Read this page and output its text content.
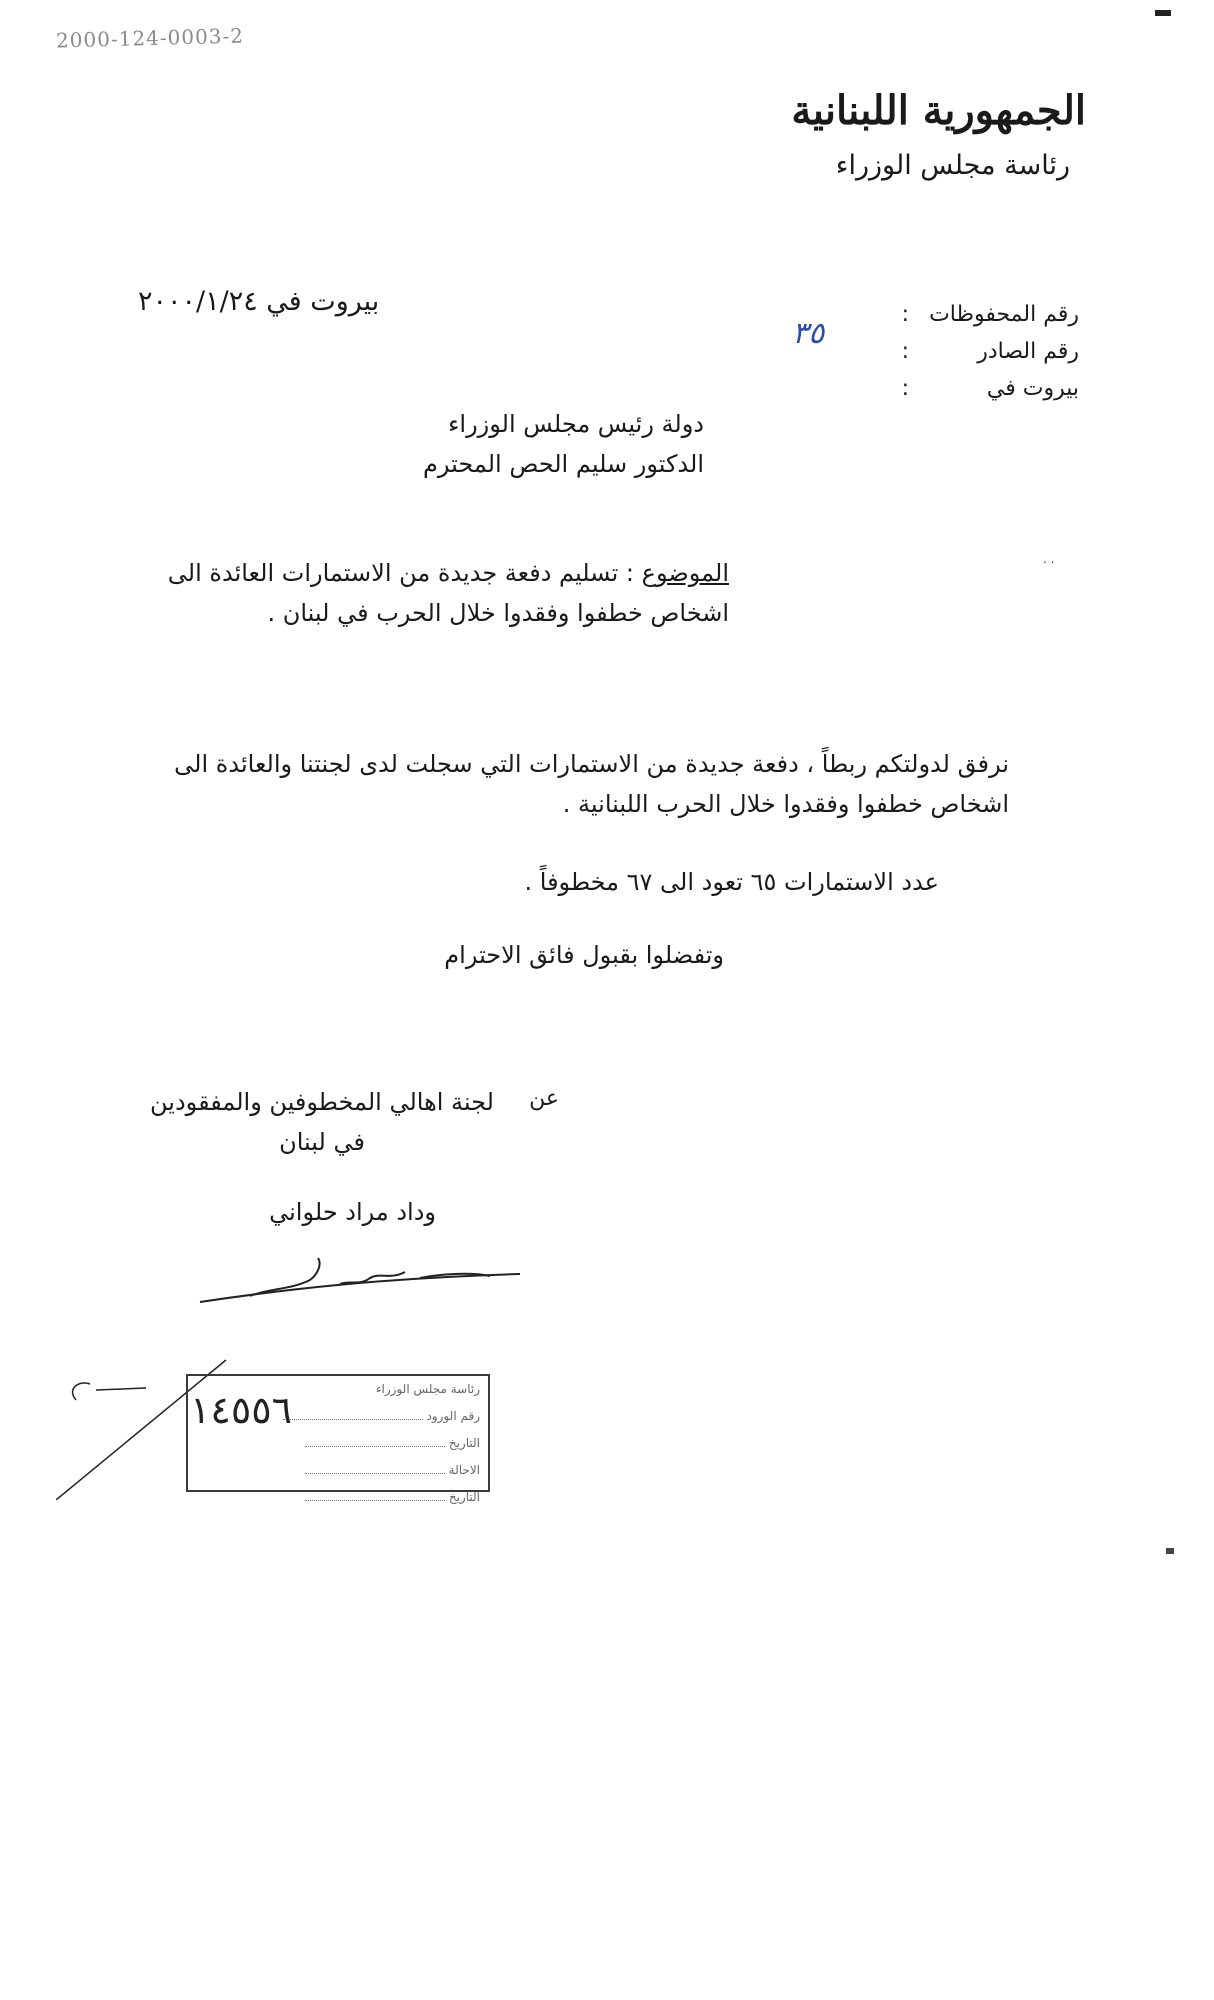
2000-124-0003-2
الجمهورية اللبنانية
رئاسة مجلس الوزراء
بيروت في ٢٠٠٠/١/٢٤	رقم المحفوظات
:
رقم الصادر
:
بيروت في
:
٣٥
دولة رئيس مجلس الوزراء
الدكتور سليم الحص المحترم
. .
الموضوع : تسليم دفعة جديدة من الاستمارات العائدة الى اشخاص خطفوا وفقدوا خلال الحرب في لبنان .
نرفق لدولتكم ربطاً ، دفعة جديدة من الاستمارات التي سجلت لدى لجنتنا والعائدة الى اشخاص خطفوا وفقدوا خلال الحرب اللبنانية .
عدد الاستمارات ٦٥ تعود الى ٦٧ مخطوفاً .
وتفضلوا بقبول فائق الاحترام
عن
لجنة اهالي المخطوفين والمفقودين
في لبنان
وداد مراد حلواني
رئاسة مجلس الوزراء
رقم الورود
التاريخ
الاحالة
التاريخ
١٤٥٥٦
